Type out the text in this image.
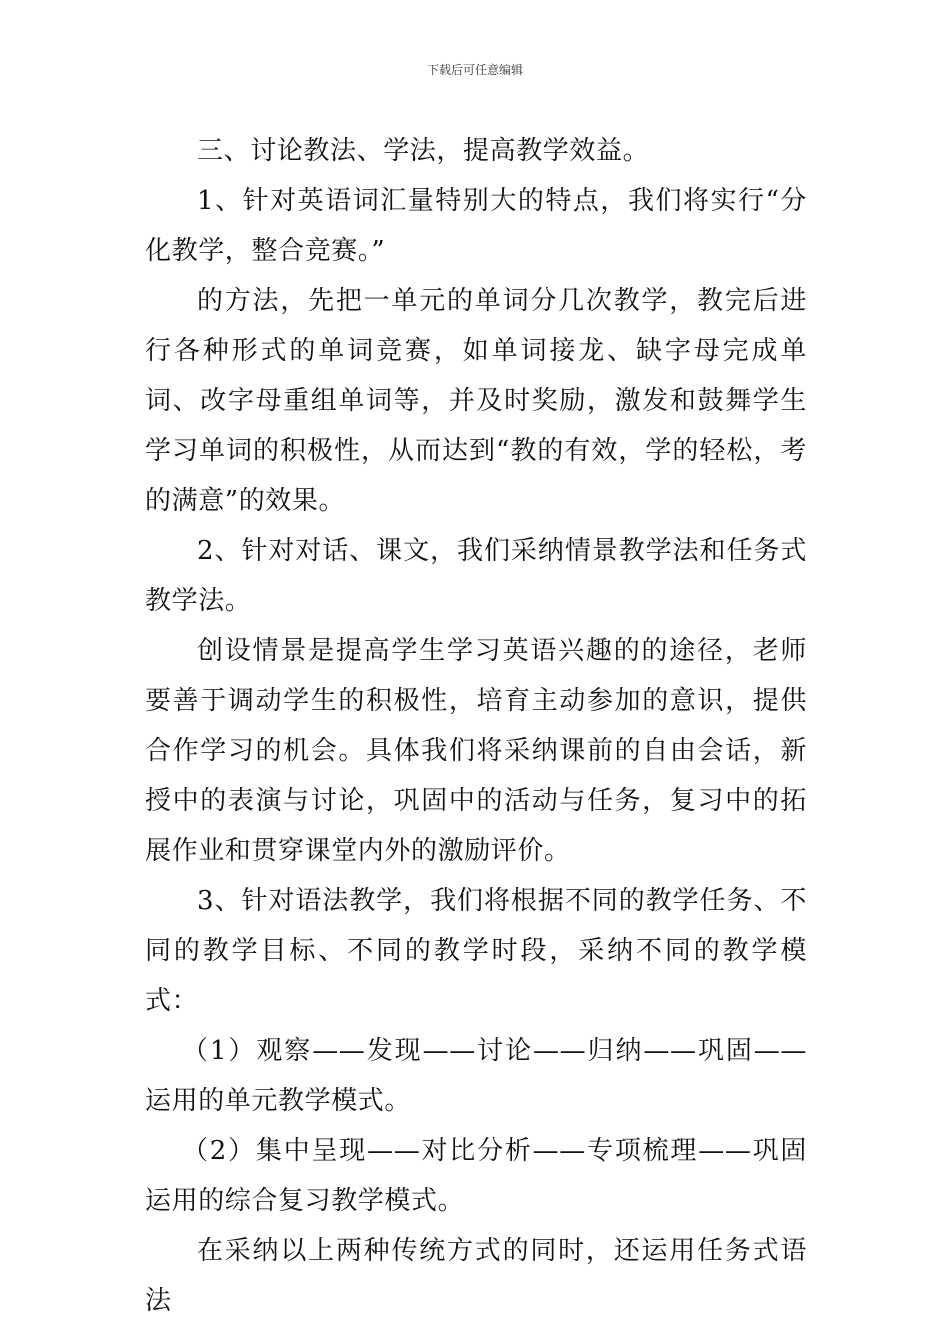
下载后可任意编辑

三、讨论教法、学法，提高教学效益。

1、针对英语词汇量特别大的特点，我们将实行“分化教学，整合竞赛。”

的方法，先把一单元的单词分几次教学，教完后进行各种形式的单词竞赛，如单词接龙、缺字母完成单词、改字母重组单词等，并及时奖励，激发和鼓舞学生学习单词的积极性，从而达到“教的有效，学的轻松，考的满意”的效果。

2、针对对话、课文，我们采纳情景教学法和任务式教学法。

创设情景是提高学生学习英语兴趣的的途径，老师要善于调动学生的积极性，培育主动参加的意识，提供合作学习的机会。具体我们将采纳课前的自由会话，新授中的表演与讨论，巩固中的活动与任务，复习中的拓展作业和贯穿课堂内外的激励评价。

3、针对语法教学，我们将根据不同的教学任务、不同的教学目标、不同的教学时段，采纳不同的教学模式：

（1）观察——发现——讨论——归纳——巩固——运用的单元教学模式。

（2）集中呈现——对比分析——专项梳理——巩固运用的综合复习教学模式。

在采纳以上两种传统方式的同时，还运用任务式语法
